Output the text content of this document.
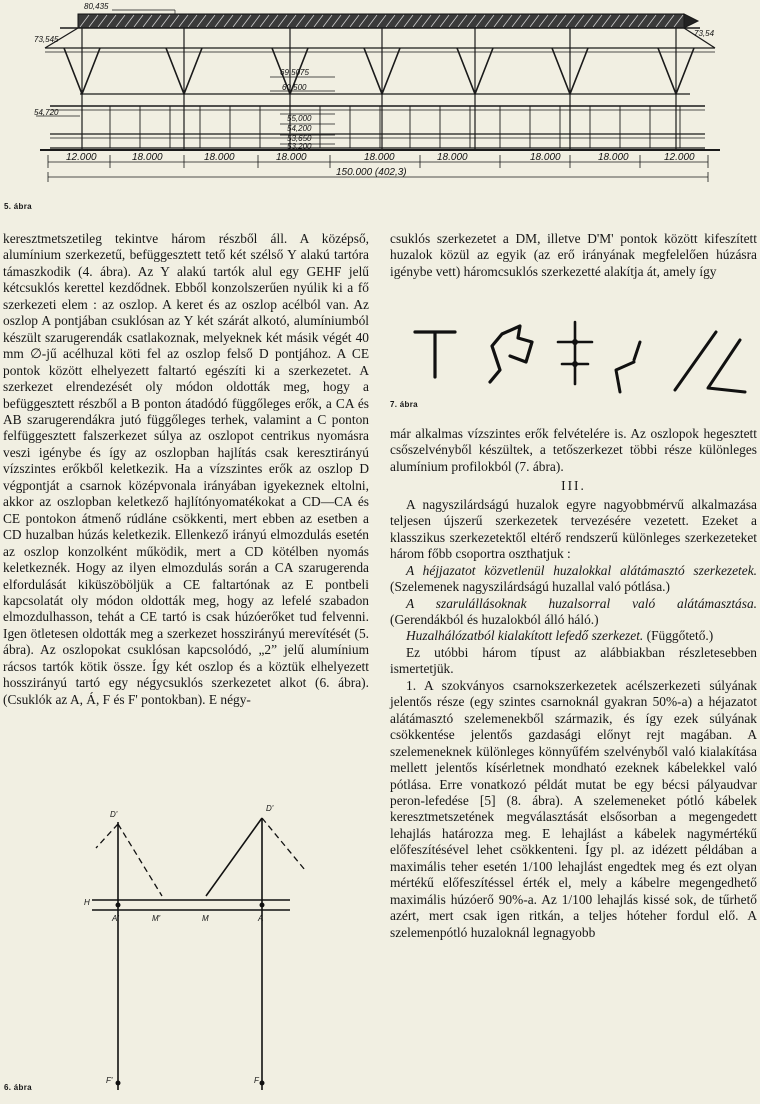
80,435
73,545
73,54
69,5075
60,500
54,720
55,000
54,200
53,650
53,200
12.000	18.000	18.000	18.000	18.000	18.000	18.000	18.000	12.000
150.000 (402,3)
5. ábra

keresztmetszetileg tekintve három részből áll. A középső, alumínium szerkezetű, befüggesztett tető két szélső Y alakú tartóra támaszkodik (4. ábra). Az Y alakú tartók alul egy GEHF jelű kétcsuklós kerettel kezdődnek. Ebből konzolszerűen nyúlik ki a fő szerkezeti elem : az oszlop. A keret és az oszlop acélból van. Az oszlop A pontjában csuklósan az Y két szárát alkotó, alumíniumból készült szarugerendák csatlakoznak, melyeknek két másik végét 40 mm ∅-jű acélhuzal köti fel az oszlop felső D pontjához. A CE pontok között elhelyezett faltartó egészíti ki a szerkezetet. A szerkezet elrendezését oly módon oldották meg, hogy a befüggesztett részből a B ponton átadódó függőleges erők, a CA és AB szarugerendákra jutó függőleges terhek, valamint a C ponton felfüggesztett falszerkezet súlya az oszlopot centrikus nyomásra veszi igénybe és így az oszlopban hajlítás csak keresztirányú vízszintes erőkből keletkezik. Ha a vízszintes erők az oszlop D végpontját a csarnok középvonala irányában igyekeznek eltolni, akkor az oszlopban keletkező hajlítónyomatékokat a CD—CA és CE pontokon átmenő rúdláne csökkenti, mert ebben az esetben a CD huzalban húzás keletkezik. Ellenkező irányú elmozdulás esetén az oszlop konzolként működik, mert a CD kötélben nyomás keletkeznék. Hogy az ilyen elmozdulás során a CA szarugerenda elfordulását kiküszöböljük a CE faltartónak az E pontbeli kapcsolatát oly módon oldották meg, hogy az lefelé szabadon elmozdulhasson, tehát a CE tartó is csak húzóerőket tud felvenni. Igen ötletesen oldották meg a szerkezet hosszirányú merevítését (5. ábra). Az oszlopokat csuklósan kapcsolódó, „2” jelű alumínium rácsos tartók kötik össze. Így két oszlop és a köztük elhelyezett hosszirányú tartó egy négycsuklós szerkezetet alkot (6. ábra). (Csuklók az A, Á, F és F' pontokban). E négy-

csuklós szerkezetet a DM, illetve D'M' pontok között kifeszített huzalok közül az egyik (az erő irányának megfelelően húzásra igénybe vett) háromcsuklós szerkezetté alakítja át, amely így

7. ábra

már alkalmas vízszintes erők felvételére is. Az oszlopok hegesztett csőszelvényből készültek, a tetőszerkezet többi része különleges alumínium profilokból (7. ábra).

III.

A nagyszilárdságú huzalok egyre nagyobbmérvű alkalmazása teljesen újszerű szerkezetek tervezésére vezetett. Ezeket a klasszikus szerkezetektől eltérő rendszerű különleges szerkezeteket három főbb csoportra oszthatjuk :

A héjjazatot közvetlenül huzalokkal alátámasztó szerkezetek. (Szelemenek nagyszilárdságú huzallal való pótlása.)

A szarulállásoknak huzalsorral való alátámasztása. (Gerendákból és huzalokból álló háló.)

Huzalhálózatból kialakított lefedő szerkezet. (Függőtető.)

Ez utóbbi három típust az alábbiakban részletesebben ismertetjük.

1. A szokványos csarnokszerkezetek acélszerkezeti súlyának jelentős része (egy szintes csarnoknál gyakran 50%-a) a héjazatot alátámasztó szelemenekből származik, és így ezek súlyának csökkentése jelentős gazdasági előnyt rejt magában. A szelemeneknek különleges könnyűfém szelvényből való kialakítása mellett jelentős kísérletnek mondható ezeknek kábelekkel való pótlása. Erre vonatkozó példát mutat be egy bécsi pályaudvar peron-lefedése [5] (8. ábra). A szelemeneket pótló kábelek keresztmetszetének megválasztását elsősorban a megengedett lehajlás határozza meg. E lehajlást a kábelek nagymértékű előfeszítésével lehet csökkenteni. Így pl. az idézett példában a maximális teher esetén 1/100 lehajlást engedtek meg és ezt olyan mértékű előfeszítéssel érték el, mely a kábelre megengedhető maximális húzóerő 90%-a. Az 1/100 lehajlás kissé sok, de tűrhető azért, mert csak igen ritkán, a teljes hóteher fordul elő. A szelemenpótló huzaloknál legnagyobb

D'
D'
H
A'	M'	M	A
F'	F
6. ábra
